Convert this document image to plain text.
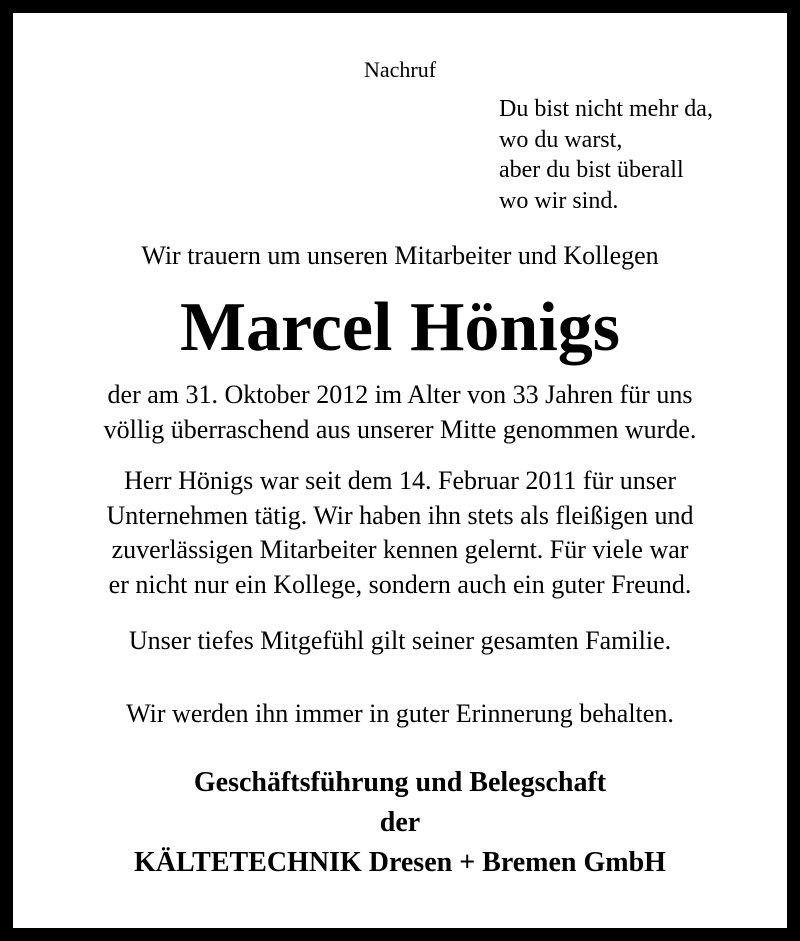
Nachruf
Du bist nicht mehr da,
wo du warst,
aber du bist überall
wo wir sind.
Wir trauern um unseren Mitarbeiter und Kollegen
Marcel Hönigs
der am 31. Oktober 2012 im Alter von 33 Jahren für uns
völlig überraschend aus unserer Mitte genommen wurde.
Herr Hönigs war seit dem 14. Februar 2011 für unser
Unternehmen tätig. Wir haben ihn stets als fleißigen und
zuverlässigen Mitarbeiter kennen gelernt. Für viele war
er nicht nur ein Kollege, sondern auch ein guter Freund.
Unser tiefes Mitgefühl gilt seiner gesamten Familie.
Wir werden ihn immer in guter Erinnerung behalten.
Geschäftsführung und Belegschaft
der
KÄLTETECHNIK Dresen + Bremen GmbH
